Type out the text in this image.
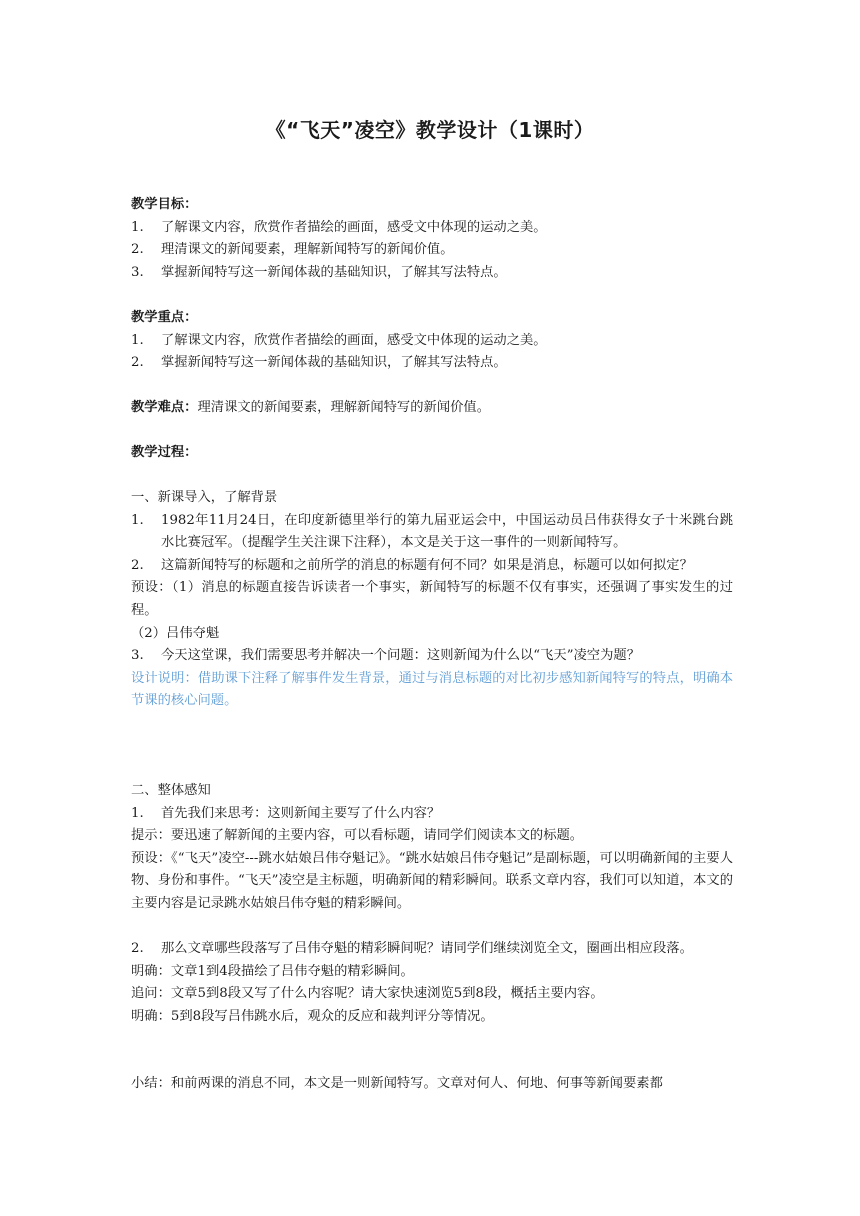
《“飞天”凌空》教学设计（1课时）
教学目标：
1. 了解课文内容，欣赏作者描绘的画面，感受文中体现的运动之美。
2. 理清课文的新闻要素，理解新闻特写的新闻价值。
3. 掌握新闻特写这一新闻体裁的基础知识，了解其写法特点。
教学重点：
1. 了解课文内容，欣赏作者描绘的画面，感受文中体现的运动之美。
2. 掌握新闻特写这一新闻体裁的基础知识，了解其写法特点。
教学难点：理清课文的新闻要素，理解新闻特写的新闻价值。
教学过程：
一、新课导入，了解背景
1. 1982年11月24日，在印度新德里举行的第九届亚运会中，中国运动员吕伟获得女子十米跳台跳水比赛冠军。（提醒学生关注课下注释），本文是关于这一事件的一则新闻特写。
2. 这篇新闻特写的标题和之前所学的消息的标题有何不同？如果是消息，标题可以如何拟定？
预设：（1）消息的标题直接告诉读者一个事实，新闻特写的标题不仅有事实，还强调了事实发生的过程。
（2）吕伟夺魁
3. 今天这堂课，我们需要思考并解决一个问题：这则新闻为什么以“飞天”凌空为题？
设计说明：借助课下注释了解事件发生背景，通过与消息标题的对比初步感知新闻特写的特点，明确本节课的核心问题。
二、整体感知
1. 首先我们来思考：这则新闻主要写了什么内容？
提示：要迅速了解新闻的主要内容，可以看标题，请同学们阅读本文的标题。
预设：《“飞天”凌空---跳水姑娘吕伟夺魁记》。“跳水姑娘吕伟夺魁记”是副标题，可以明确新闻的主要人物、身份和事件。“飞天”凌空是主标题，明确新闻的精彩瞬间。联系文章内容，我们可以知道，本文的主要内容是记录跳水姑娘吕伟夺魁的精彩瞬间。
2. 那么文章哪些段落写了吕伟夺魁的精彩瞬间呢？请同学们继续浏览全文，圈画出相应段落。
明确：文章1到4段描绘了吕伟夺魁的精彩瞬间。
追问：文章5到8段又写了什么内容呢？请大家快速浏览5到8段，概括主要内容。
明确：5到8段写吕伟跳水后，观众的反应和裁判评分等情况。
小结：和前两课的消息不同，本文是一则新闻特写。文章对何人、何地、何事等新闻要素都
